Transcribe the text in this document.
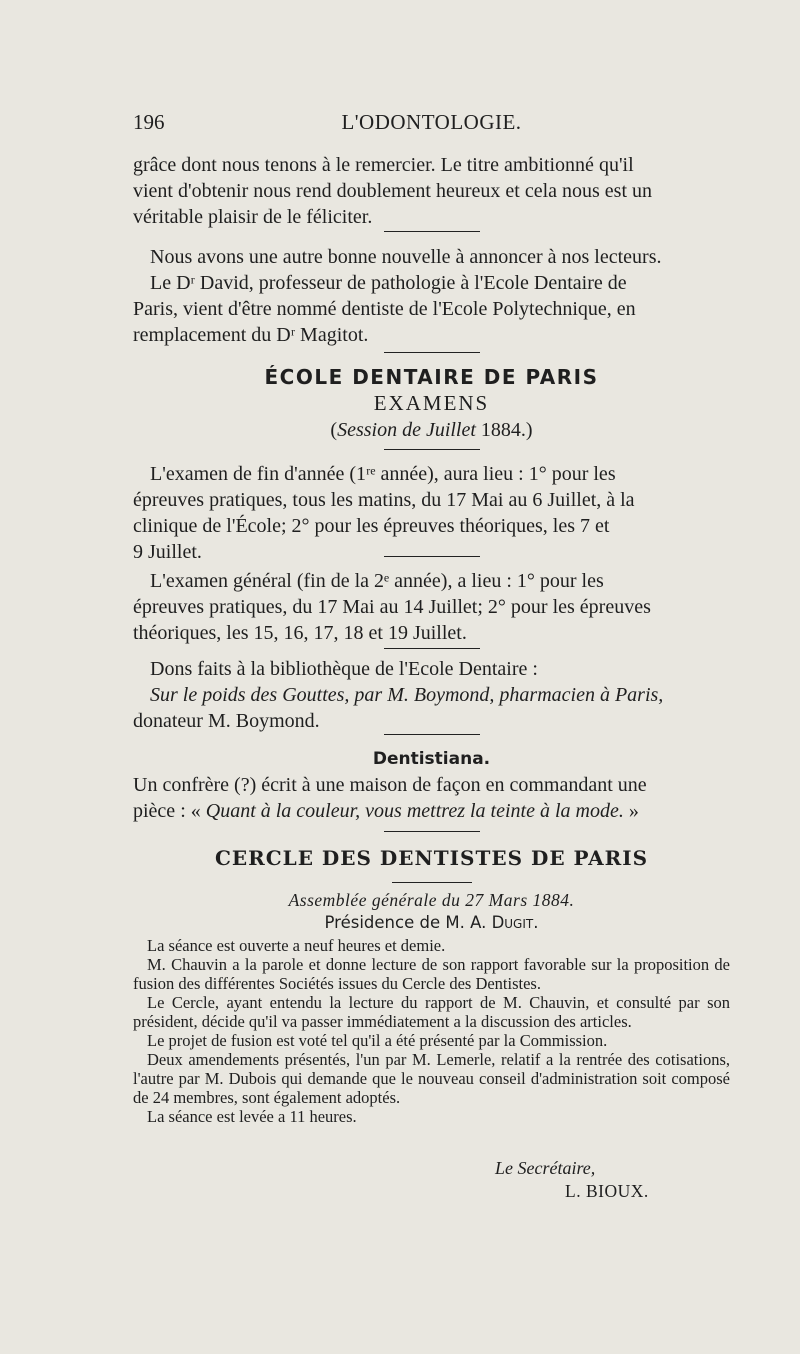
196	L'ODONTOLOGIE.

grâce dont nous tenons à le remercier. Le titre ambitionné qu'il

vient d'obtenir nous rend doublement heureux et cela nous est un

véritable plaisir de le féliciter.

Nous avons une autre bonne nouvelle à annoncer à nos lecteurs.

Le Dʳ David, professeur de pathologie à l'Ecole Dentaire de

Paris, vient d'être nommé dentiste de l'Ecole Polytechnique, en

remplacement du Dʳ Magitot.

ÉCOLE DENTAIRE DE PARIS
EXAMENS
(Session de Juillet 1884.)

L'examen de fin d'année (1ʳᵉ année), aura lieu : 1° pour les

épreuves pratiques, tous les matins, du 17 Mai au 6 Juillet, à la

clinique de l'École; 2° pour les épreuves théoriques, les 7 et

9 Juillet.

L'examen général (fin de la 2ᵉ année), a lieu : 1° pour les

épreuves pratiques, du 17 Mai au 14 Juillet; 2° pour les épreuves

théoriques, les 15, 16, 17, 18 et 19 Juillet.

Dons faits à la bibliothèque de l'Ecole Dentaire :

Sur le poids des Gouttes, par M. Boymond, pharmacien à Paris,

donateur M. Boymond.

Dentistiana.

Un confrère (?) écrit à une maison de façon en commandant une

pièce : « Quant à la couleur, vous mettrez la teinte à la mode. »

CERCLE DES DENTISTES DE PARIS
Assemblée générale du 27 Mars 1884.
Présidence de M. A. Dugit.

La séance est ouverte a neuf heures et demie.

M. Chauvin a la parole et donne lecture de son rapport favorable sur la proposition de fusion des différentes Sociétés issues du Cercle des Dentistes.

Le Cercle, ayant entendu la lecture du rapport de M. Chauvin, et consulté par son président, décide qu'il va passer immédiatement a la discussion des articles.

Le projet de fusion est voté tel qu'il a été présenté par la Commission.

Deux amendements présentés, l'un par M. Lemerle, relatif a la rentrée des cotisations, l'autre par M. Dubois qui demande que le nouveau conseil d'administration soit composé de 24 membres, sont également adoptés.

La séance est levée a 11 heures.

Le Secrétaire,
L. BIOUX.
